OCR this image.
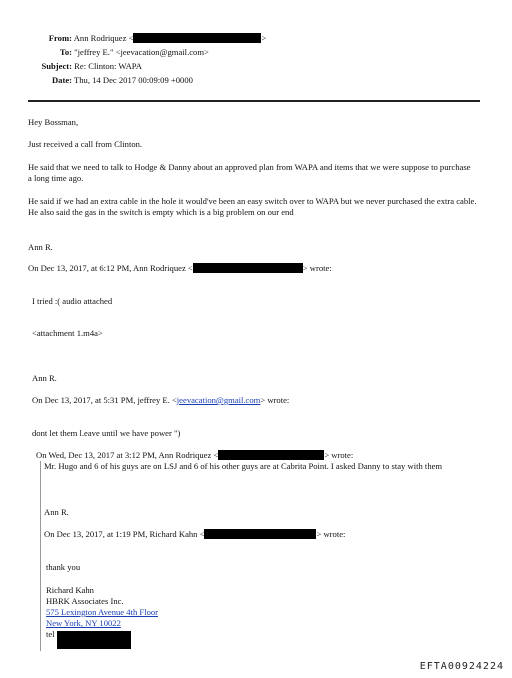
From: Ann Rodriquez <	>
To: "jeffrey E." <jeevacation@gmail.com>
Subject: Re: Clinton: WAPA
Date: Thu, 14 Dec 2017 00:09:09 +0000
Hey Bossman,
Just received a call from Clinton.
He said that we need to talk to Hodge & Danny about an approved plan from WAPA and items that we were suppose to purchase a long time ago.
He said if we had an extra cable in the hole it would've been an easy switch over to WAPA but we never purchased the extra cable. He also said the gas in the switch is empty which is a big problem on our end
Ann R.
On Dec 13, 2017, at 6:12 PM, Ann Rodriquez <	> wrote:
I tried :( audio attached
<attachment 1.m4a>
Ann R.
On Dec 13, 2017, at 5:31 PM, jeffrey E. <jeevacation@gmail.com> wrote:
dont let them l.eave until we have power ")
On Wed, Dec 13, 2017 at 3:12 PM, Ann Rodriquez <	> wrote:
Mr. Hugo and 6 of his guys are on LSJ and 6 of his other guys are at Cabrita Point. I asked Danny to stay with them
Ann R.
On Dec 13, 2017, at 1:19 PM, Richard Kahn <	> wrote:
thank you
Richard Kahn
HBRK Associates Inc.
575 Lexington Avenue 4th Floor
New York, NY 10022
tel
EFTA00924224
